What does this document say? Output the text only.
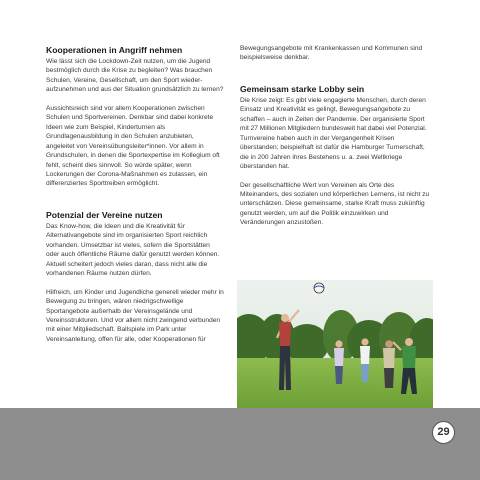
Kooperationen in Angriff nehmen

Wie lässt sich die Lockdown-Zeit nutzen, um die Jugend bestmöglich durch die Krise zu begleiten? Was brauchen Schulen, Vereine, Gesellschaft, um den Sport wieder-aufzunehmen und aus der Situation grundsätzlich zu lernen?

Aussichtsreich sind vor allem Kooperationen zwischen Schulen und Sportvereinen. Denkbar sind dabei konkrete Ideen wie zum Beispiel, Kinderturnen als Grundlagenausbildung in den Schulen anzubieten, angeleitet von Vereinsübungsleiter*innen. Vor allem in Grundschulen, in denen die Sportexpertise im Kollegium oft fehlt, scheint dies sinnvoll. So würde später, wenn Lockerungen der Corona-Maßnahmen es zulassen, ein differenziertes Sporttreiben ermöglicht.

Potenzial der Vereine nutzen

Das Know-how, die Ideen und die Kreativität für Alternativangebote sind im organisierten Sport reichlich vorhanden. Umsetzbar ist vieles, sofern die Sportstätten oder auch öffentliche Räume dafür genutzt werden können. Aktuell scheitert jedoch vieles daran, dass nicht alle die vorhandenen Räume nutzen dürfen.

Hilfreich, um Kinder und Jugendliche generell wieder mehr in Bewegung zu bringen, wären niedrigschwellige Sportangebote außerhalb der Vereinsgelände und Vereinsstrukturen. Und vor allem nicht zwingend verbunden mit einer Mitgliedschaft. Ballspiele im Park unter Vereinsanleitung, offen für alle, oder Kooperationen für

Bewegungsangebote mit Krankenkassen und Kommunen sind beispielsweise denkbar.

Gemeinsam starke Lobby sein

Die Krise zeigt: Es gibt viele engagierte Menschen, durch deren Einsatz und Kreativität es gelingt, Bewegungsangebote zu schaffen – auch in Zeiten der Pandemie. Der organisierte Sport mit 27 Millionen Mitgliedern bundesweit hat dabei viel Potenzial. Turnvereine haben auch in der Vergangenheit Krisen überstanden; beispielhaft ist dafür die Hamburger Turnerschaft, die in 200 Jahren ihres Bestehens u. a. zwei Weltkriege überstanden hat.

Der gesellschaftliche Wert von Vereinen als Orte des Miteinanders, des sozialen und körperlichen Lernens, ist nicht zu unterschätzen. Diese gemeinsame, starke Kraft muss zukünftig genutzt werden, um auf die Politik einzuwirken und Veränderungen anzustoßen.

29
